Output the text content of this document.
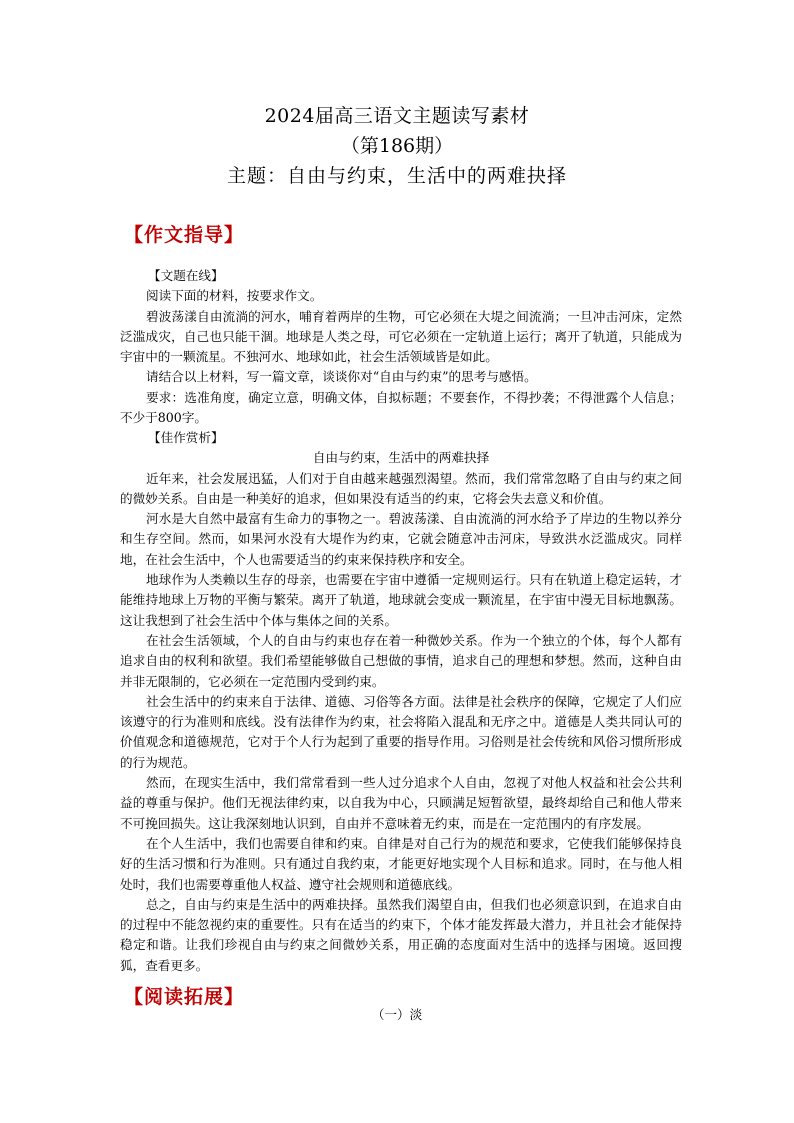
2024届高三语文主题读写素材
（第186期）
主题：自由与约束，生活中的两难抉择
【作文指导】

【文题在线】

阅读下面的材料，按要求作文。

碧波荡漾自由流淌的河水，哺育着两岸的生物，可它必须在大堤之间流淌；一旦冲击河床，定然泛滥成灾，自己也只能干涸。地球是人类之母，可它必须在一定轨道上运行；离开了轨道，只能成为宇宙中的一颗流星。不独河水、地球如此，社会生活领域皆是如此。

请结合以上材料，写一篇文章，谈谈你对“自由与约束”的思考与感悟。

要求：选准角度，确定立意，明确文体，自拟标题；不要套作，不得抄袭；不得泄露个人信息；不少于800字。

【佳作赏析】

自由与约束，生活中的两难抉择

近年来，社会发展迅猛，人们对于自由越来越强烈渴望。然而，我们常常忽略了自由与约束之间的微妙关系。自由是一种美好的追求，但如果没有适当的约束，它将会失去意义和价值。

河水是大自然中最富有生命力的事物之一。碧波荡漾、自由流淌的河水给予了岸边的生物以养分和生存空间。然而，如果河水没有大堤作为约束，它就会随意冲击河床，导致洪水泛滥成灾。同样地，在社会生活中，个人也需要适当的约束来保持秩序和安全。

地球作为人类赖以生存的母亲，也需要在宇宙中遵循一定规则运行。只有在轨道上稳定运转，才能维持地球上万物的平衡与繁荣。离开了轨道，地球就会变成一颗流星，在宇宙中漫无目标地飘荡。这让我想到了社会生活中个体与集体之间的关系。

在社会生活领域，个人的自由与约束也存在着一种微妙关系。作为一个独立的个体，每个人都有追求自由的权利和欲望。我们希望能够做自己想做的事情，追求自己的理想和梦想。然而，这种自由并非无限制的，它必须在一定范围内受到约束。

社会生活中的约束来自于法律、道德、习俗等各方面。法律是社会秩序的保障，它规定了人们应该遵守的行为准则和底线。没有法律作为约束，社会将陷入混乱和无序之中。道德是人类共同认可的价值观念和道德规范，它对于个人行为起到了重要的指导作用。习俗则是社会传统和风俗习惯所形成的行为规范。

然而，在现实生活中，我们常常看到一些人过分追求个人自由，忽视了对他人权益和社会公共利益的尊重与保护。他们无视法律约束，以自我为中心，只顾满足短暂欲望，最终却给自己和他人带来不可挽回损失。这让我深刻地认识到，自由并不意味着无约束，而是在一定范围内的有序发展。

在个人生活中，我们也需要自律和约束。自律是对自己行为的规范和要求，它使我们能够保持良好的生活习惯和行为准则。只有通过自我约束，才能更好地实现个人目标和追求。同时，在与他人相处时，我们也需要尊重他人权益、遵守社会规则和道德底线。

总之，自由与约束是生活中的两难抉择。虽然我们渴望自由，但我们也必须意识到，在追求自由的过程中不能忽视约束的重要性。只有在适当的约束下，个体才能发挥最大潜力，并且社会才能保持稳定和谐。让我们珍视自由与约束之间微妙关系，用正确的态度面对生活中的选择与困境。返回搜狐，查看更多。

【阅读拓展】
（一）淡
